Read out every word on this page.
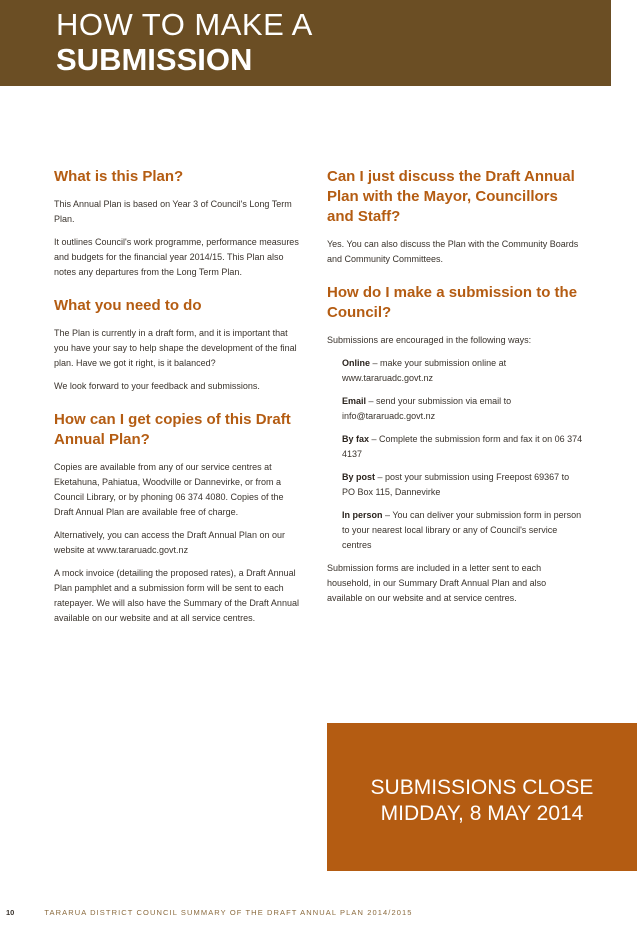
HOW TO MAKE A
SUBMISSION
What is this Plan?

This Annual Plan is based on Year 3 of Council's Long Term Plan.

It outlines Council's work programme, performance measures and budgets for the financial year 2014/15. This Plan also notes any departures from the Long Term Plan.

What you need to do

The Plan is currently in a draft form, and it is important that you have your say to help shape the development of the final plan. Have we got it right, is it balanced?

We look forward to your feedback and submissions.

How can I get copies of this Draft Annual Plan?

Copies are available from any of our service centres at Eketahuna, Pahiatua, Woodville or Dannevirke, or from a Council Library, or by phoning 06 374 4080. Copies of the Draft Annual Plan are available free of charge.

Alternatively, you can access the Draft Annual Plan on our website at www.tararuadc.govt.nz

A mock invoice (detailing the proposed rates), a Draft Annual Plan pamphlet and a submission form will be sent to each ratepayer. We will also have the Summary of the Draft Annual available on our website and at all service centres.

Can I just discuss the Draft Annual Plan with the Mayor, Councillors and Staff?

Yes. You can also discuss the Plan with the Community Boards and Community Committees.

How do I make a submission to the Council?

Submissions are encouraged in the following ways:

Online – make your submission online at www.tararuadc.govt.nz
Email – send your submission via email to info@tararuadc.govt.nz
By fax – Complete the submission form and fax it on 06 374 4137
By post – post your submission using Freepost 69367 to PO Box 115, Dannevirke
In person – You can deliver your submission form in person to your nearest local library or any of Council's service centres

Submission forms are included in a letter sent to each household, in our Summary Draft Annual Plan and also available on our website and at service centres.

SUBMISSIONS CLOSE
MIDDAY, 8 MAY 2014
10	TARARUA DISTRICT COUNCIL SUMMARY OF THE DRAFT ANNUAL PLAN 2014/2015
